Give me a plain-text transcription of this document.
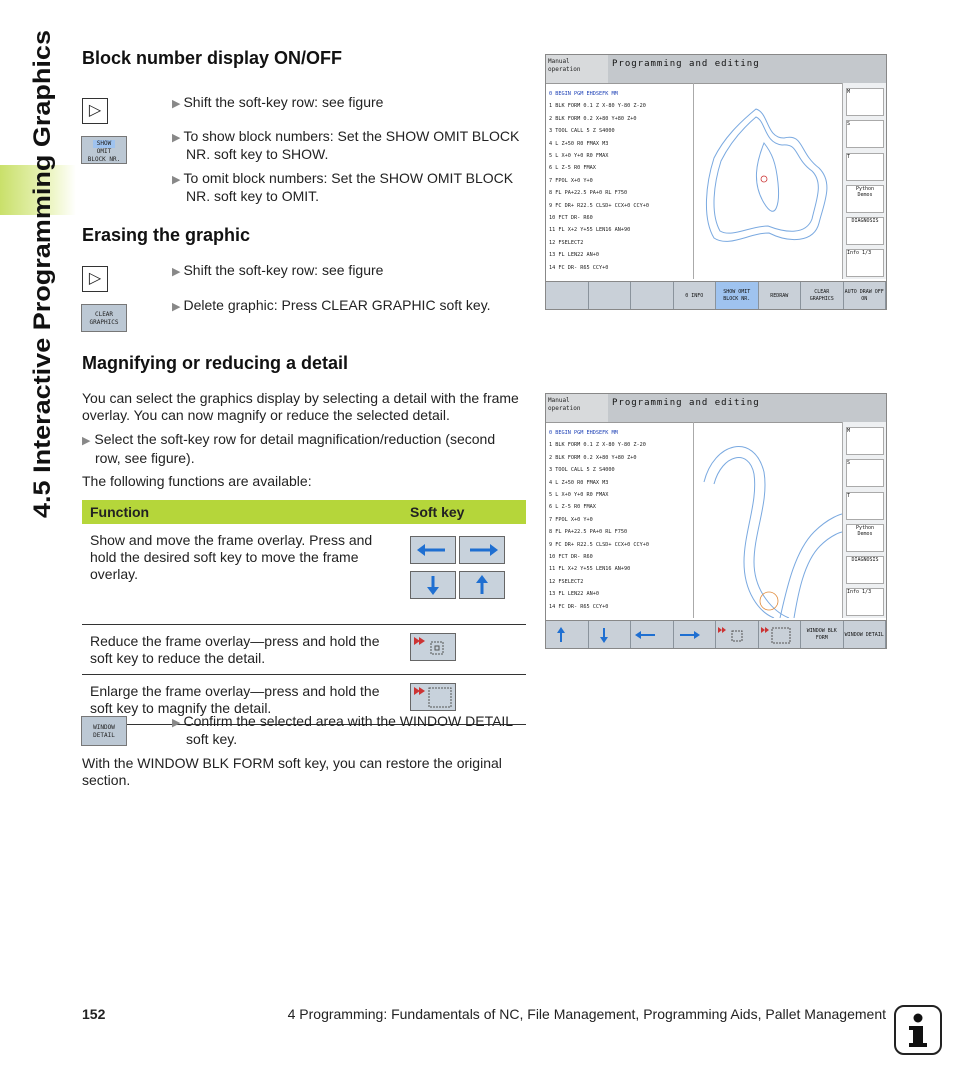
4.5 Interactive Programming Graphics
Block number display ON/OFF
▷	▶ Shift the soft-key row: see figure
SHOW
OMIT
BLOCK NR.
▶ To show block numbers: Set the SHOW OMIT BLOCK
NR. soft key to SHOW.
▶ To omit block numbers: Set the SHOW OMIT BLOCK
NR. soft key to OMIT.
Erasing the graphic
▷	▶ Shift the soft-key row: see figure
CLEAR
GRAPHICS
▶ Delete graphic: Press CLEAR GRAPHIC soft key.
Magnifying or reducing a detail
You can select the graphics display by selecting a detail with the frame
overlay. You can now magnify or reduce the selected detail.
▶ Select the soft-key row for detail magnification/reduction (second
row, see figure).
The following functions are available:
Function	Soft key
Show and move the frame overlay. Press and
hold the desired soft key to move the frame
overlay.	

Reduce the frame overlay—press and hold the
soft key to reduce the detail.	

Enlarge the frame overlay—press and hold the
soft key to magnify the detail.	
WINDOW
DETAIL
▶ Confirm the selected area with the WINDOW DETAIL
soft key.
With the WINDOW BLK FORM soft key, you can restore the original
section.
Manual
operation
Programming and editing
0 BEGIN PGM EHDSEFK MM
1 BLK FORM 0.1 Z X-80 Y-80 Z-20
2 BLK FORM 0.2 X+80 Y+80 Z+0
3 TOOL CALL 5 Z S4000
4 L Z+50 R0 FMAX M3
5 L X+0 Y+0 R0 FMAX
6 L Z-5 R0 FMAX
7 FPOL X+0 Y+0
8 FL PA+22.5 PA+0 RL F750
9 FC DR+ R22.5 CLSD+ CCX+0 CCY+0
10 FCT DR- R60
11 FL X+2 Y+55 LEN16 AN+90
12 FSELECT2
13 FL LEN22 AN+0
14 FC DR- R65 CCY+0
M
S
T
Python
Demos
DIAGNOSIS
Info 1/3
0 INFO
SHOW OMIT BLOCK NR.
REDRAW
CLEAR GRAPHICS
AUTO DRAW OFF ON
Manual
operation
Programming and editing
0 BEGIN PGM EHDSEFK MM
1 BLK FORM 0.1 Z X-80 Y-80 Z-20
2 BLK FORM 0.2 X+80 Y+80 Z+0
3 TOOL CALL 5 Z S4000
4 L Z+50 R0 FMAX M3
5 L X+0 Y+0 R0 FMAX
6 L Z-5 R0 FMAX
7 FPOL X+0 Y+0
8 FL PA+22.5 PA+0 RL F750
9 FC DR+ R22.5 CLSD+ CCX+0 CCY+0
10 FCT DR- R60
11 FL X+2 Y+55 LEN16 AN+90
12 FSELECT2
13 FL LEN22 AN+0
14 FC DR- R65 CCY+0
M
S
T
Python
Demos
DIAGNOSIS
Info 1/3
WINDOW BLK FORM
WINDOW DETAIL
152	4 Programming: Fundamentals of NC, File Management, Programming Aids, Pallet Management
